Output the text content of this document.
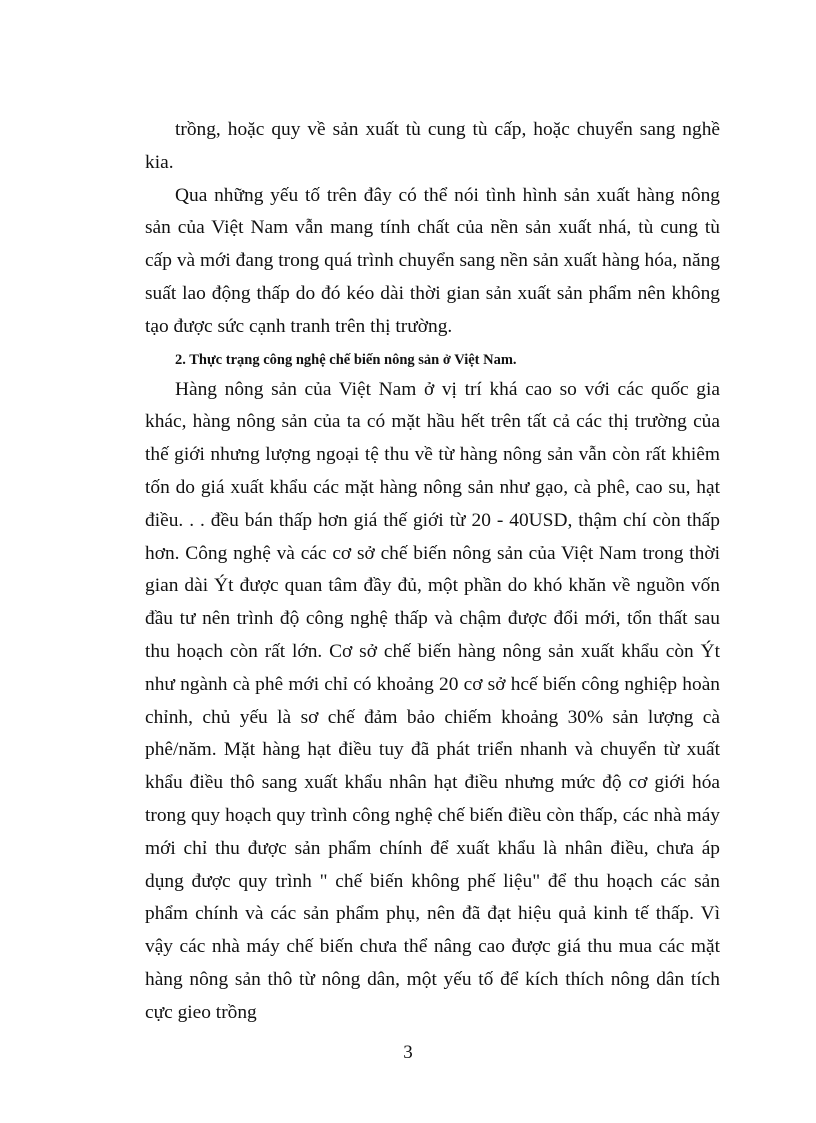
trồng, hoặc quy về sản xuất tù cung tù cấp, hoặc chuyển sang nghề kia.

Qua những yếu tố trên đây có thể nói tình hình sản xuất hàng nông sản của Việt Nam vẫn mang tính chất của nền sản xuất nhá, tù cung tù cấp và mới đang trong quá trình chuyển sang nền sản xuất hàng hóa, năng suất lao động thấp do đó kéo dài thời gian sản xuất sản phẩm nên không tạo được sức cạnh tranh trên thị trường.

2. Thực trạng công nghệ chế biến nông sản ở Việt Nam.

Hàng nông sản của Việt Nam ở vị trí khá cao so với các quốc gia khác, hàng nông sản của ta có mặt hầu hết trên tất cả các thị trường của thế giới nhưng lượng ngoại tệ thu về từ hàng nông sản vẫn còn rất khiêm tốn do giá xuất khẩu các mặt hàng nông sản như gạo, cà phê, cao su, hạt điều. . . đều bán thấp hơn giá thế giới từ 20 - 40USD, thậm chí còn thấp hơn. Công nghệ và các cơ sở chế biến nông sản của Việt Nam trong thời gian dài Ýt được quan tâm đầy đủ, một phần do khó khăn về nguồn vốn đầu tư nên trình độ công nghệ thấp và chậm được đổi mới, tổn thất sau thu hoạch còn rất lớn. Cơ sở chế biến hàng nông sản xuất khẩu còn Ýt như ngành cà phê mới chỉ có khoảng 20 cơ sở hcế biến công nghiệp hoàn chỉnh, chủ yếu là sơ chế đảm bảo chiếm khoảng 30% sản lượng cà phê/năm. Mặt hàng hạt điều tuy đã phát triển nhanh và chuyển từ xuất khẩu điều thô sang xuất khẩu nhân hạt điều nhưng mức độ cơ giới hóa trong quy hoạch quy trình công nghệ chế biến điều còn thấp, các nhà máy mới chỉ thu được sản phẩm chính để xuất khẩu là nhân điều, chưa áp dụng được quy trình " chế biến không phế liệu" để thu hoạch các sản phẩm chính và các sản phẩm phụ, nên đã đạt hiệu quả kinh tế thấp. Vì vậy các nhà máy chế biến chưa thể nâng cao được giá thu mua các mặt hàng nông sản thô từ nông dân, một yếu tố để kích thích nông dân tích cực gieo trồng

3
